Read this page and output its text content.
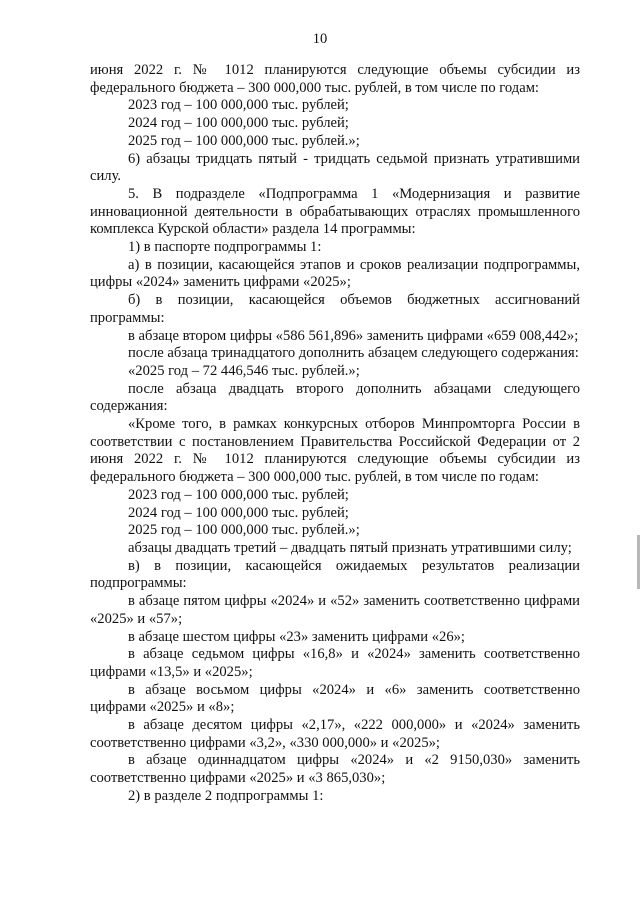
10

июня 2022 г. № 1012 планируются следующие объемы субсидии из федерального бюджета – 300 000,000 тыс. рублей, в том числе по годам:

2023 год – 100 000,000 тыс. рублей;

2024 год – 100 000,000 тыс. рублей;

2025 год – 100 000,000 тыс. рублей.»;

6) абзацы тридцать пятый - тридцать седьмой признать утратившими силу.

5. В подразделе «Подпрограмма 1 «Модернизация и развитие инновационной деятельности в обрабатывающих отраслях промышленного комплекса Курской области» раздела 14 программы:

1) в паспорте подпрограммы 1:

а) в позиции, касающейся этапов и сроков реализации подпрограммы, цифры «2024» заменить цифрами «2025»;

б) в позиции, касающейся объемов бюджетных ассигнований программы:

в абзаце втором цифры «586 561,896» заменить цифрами «659 008,442»;

после абзаца тринадцатого дополнить абзацем следующего содержания:

«2025 год – 72 446,546 тыс. рублей.»;

после абзаца двадцать второго дополнить абзацами следующего содержания:

«Кроме того, в рамках конкурсных отборов Минпромторга России в соответствии с постановлением Правительства Российской Федерации от 2 июня 2022 г. № 1012 планируются следующие объемы субсидии из федерального бюджета – 300 000,000 тыс. рублей, в том числе по годам:

2023 год – 100 000,000 тыс. рублей;

2024 год – 100 000,000 тыс. рублей;

2025 год – 100 000,000 тыс. рублей.»;

абзацы двадцать третий – двадцать пятый признать утратившими силу;

в) в позиции, касающейся ожидаемых результатов реализации подпрограммы:

в абзаце пятом цифры «2024» и «52» заменить соответственно цифрами «2025» и «57»;

в абзаце шестом цифры «23» заменить цифрами «26»;

в абзаце седьмом цифры «16,8» и «2024» заменить соответственно цифрами «13,5» и «2025»;

в абзаце восьмом цифры «2024» и «6» заменить соответственно цифрами «2025» и «8»;

в абзаце десятом цифры «2,17», «222 000,000» и «2024» заменить соответственно цифрами «3,2», «330 000,000» и «2025»;

в абзаце одиннадцатом цифры «2024» и «2 9150,030» заменить соответственно цифрами «2025» и «3 865,030»;

2) в разделе 2 подпрограммы 1:
